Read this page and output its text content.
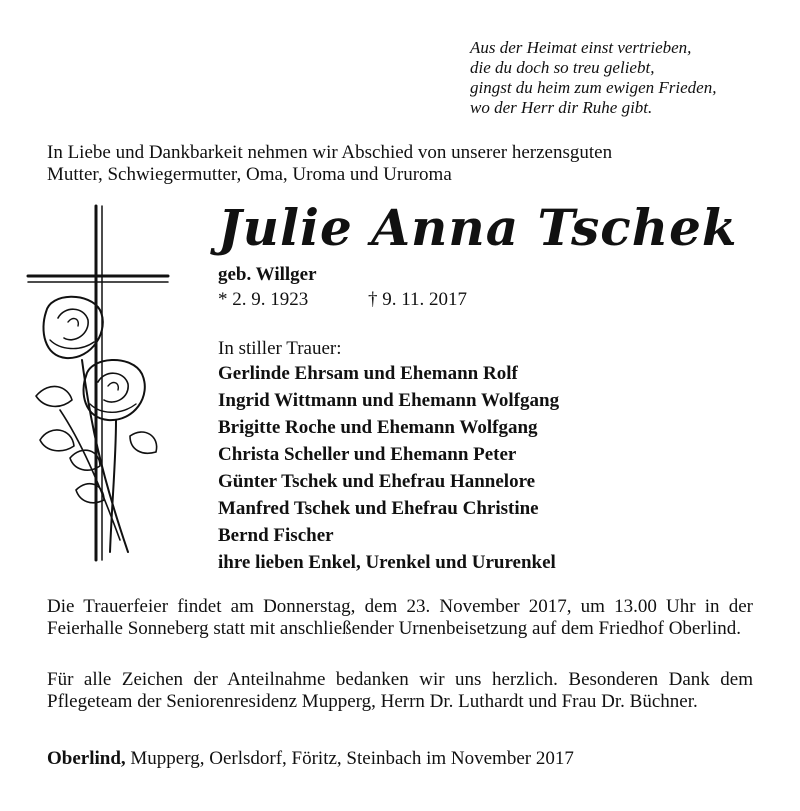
Aus der Heimat einst vertrieben,
die du doch so treu geliebt,
gingst du heim zum ewigen Frieden,
wo der Herr dir Ruhe gibt.
In Liebe und Dankbarkeit nehmen wir Abschied von unserer herzensguten
Mutter, Schwiegermutter, Oma, Uroma und Ururoma
Julie Anna Tschek
geb. Willger
* 2. 9. 1923	† 9. 11. 2017
In stiller Trauer:
Gerlinde Ehrsam und Ehemann Rolf
Ingrid Wittmann und Ehemann Wolfgang
Brigitte Roche und Ehemann Wolfgang
Christa Scheller und Ehemann Peter
Günter Tschek und Ehefrau Hannelore
Manfred Tschek und Ehefrau Christine
Bernd Fischer
ihre lieben Enkel, Urenkel und Ururenkel
Die Trauerfeier findet am Donnerstag, dem 23. November 2017, um 13.00 Uhr in der Feierhalle Sonneberg statt mit anschließender Urnenbeisetzung auf dem Friedhof Oberlind.
Für alle Zeichen der Anteilnahme bedanken wir uns herzlich. Besonderen Dank dem Pflegeteam der Seniorenresidenz Mupperg, Herrn Dr. Luthardt und Frau Dr. Büchner.
Oberlind, Mupperg, Oerlsdorf, Föritz, Steinbach im November 2017
